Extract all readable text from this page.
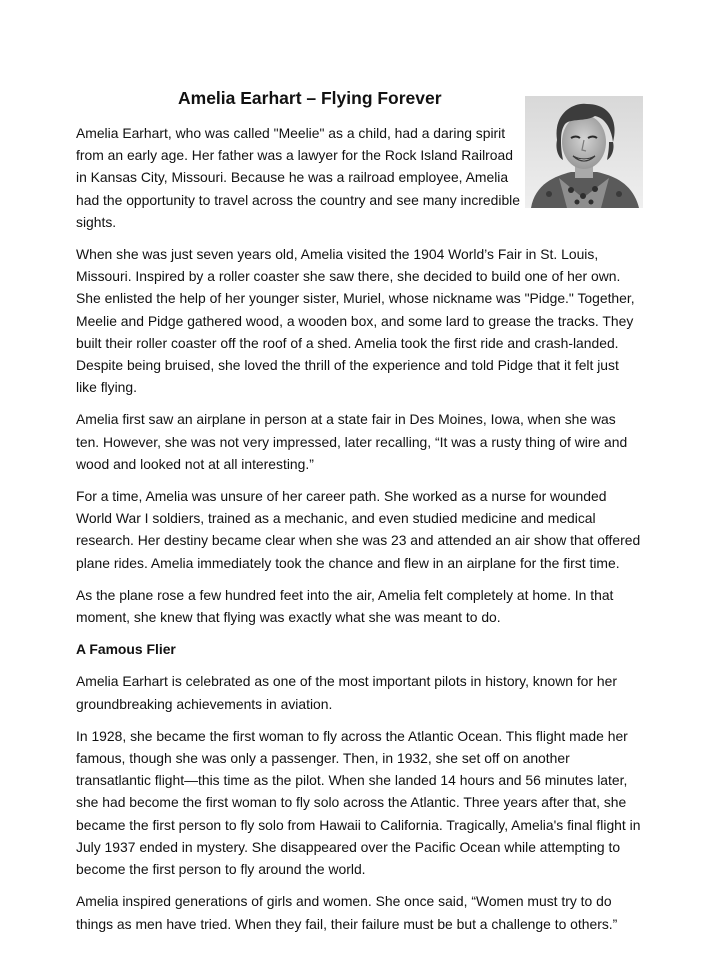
Amelia Earhart – Flying Forever

Amelia Earhart, who was called "Meelie" as a child, had a daring spirit from an early age. Her father was a lawyer for the Rock Island Railroad in Kansas City, Missouri. Because he was a railroad employee, Amelia had the opportunity to travel across the country and see many incredible sights.

When she was just seven years old, Amelia visited the 1904 World’s Fair in St. Louis, Missouri. Inspired by a roller coaster she saw there, she decided to build one of her own. She enlisted the help of her younger sister, Muriel, whose nickname was "Pidge." Together, Meelie and Pidge gathered wood, a wooden box, and some lard to grease the tracks. They built their roller coaster off the roof of a shed. Amelia took the first ride and crash-landed. Despite being bruised, she loved the thrill of the experience and told Pidge that it felt just like flying.

Amelia first saw an airplane in person at a state fair in Des Moines, Iowa, when she was ten. However, she was not very impressed, later recalling, “It was a rusty thing of wire and wood and looked not at all interesting.”

For a time, Amelia was unsure of her career path. She worked as a nurse for wounded World War I soldiers, trained as a mechanic, and even studied medicine and medical research. Her destiny became clear when she was 23 and attended an air show that offered plane rides. Amelia immediately took the chance and flew in an airplane for the first time.

As the plane rose a few hundred feet into the air, Amelia felt completely at home. In that moment, she knew that flying was exactly what she was meant to do.

A Famous Flier

Amelia Earhart is celebrated as one of the most important pilots in history, known for her groundbreaking achievements in aviation.

In 1928, she became the first woman to fly across the Atlantic Ocean. This flight made her famous, though she was only a passenger. Then, in 1932, she set off on another transatlantic flight—this time as the pilot. When she landed 14 hours and 56 minutes later, she had become the first woman to fly solo across the Atlantic. Three years after that, she became the first person to fly solo from Hawaii to California. Tragically, Amelia's final flight in July 1937 ended in mystery. She disappeared over the Pacific Ocean while attempting to become the first person to fly around the world.

Amelia inspired generations of girls and women. She once said, “Women must try to do things as men have tried. When they fail, their failure must be but a challenge to others.”
